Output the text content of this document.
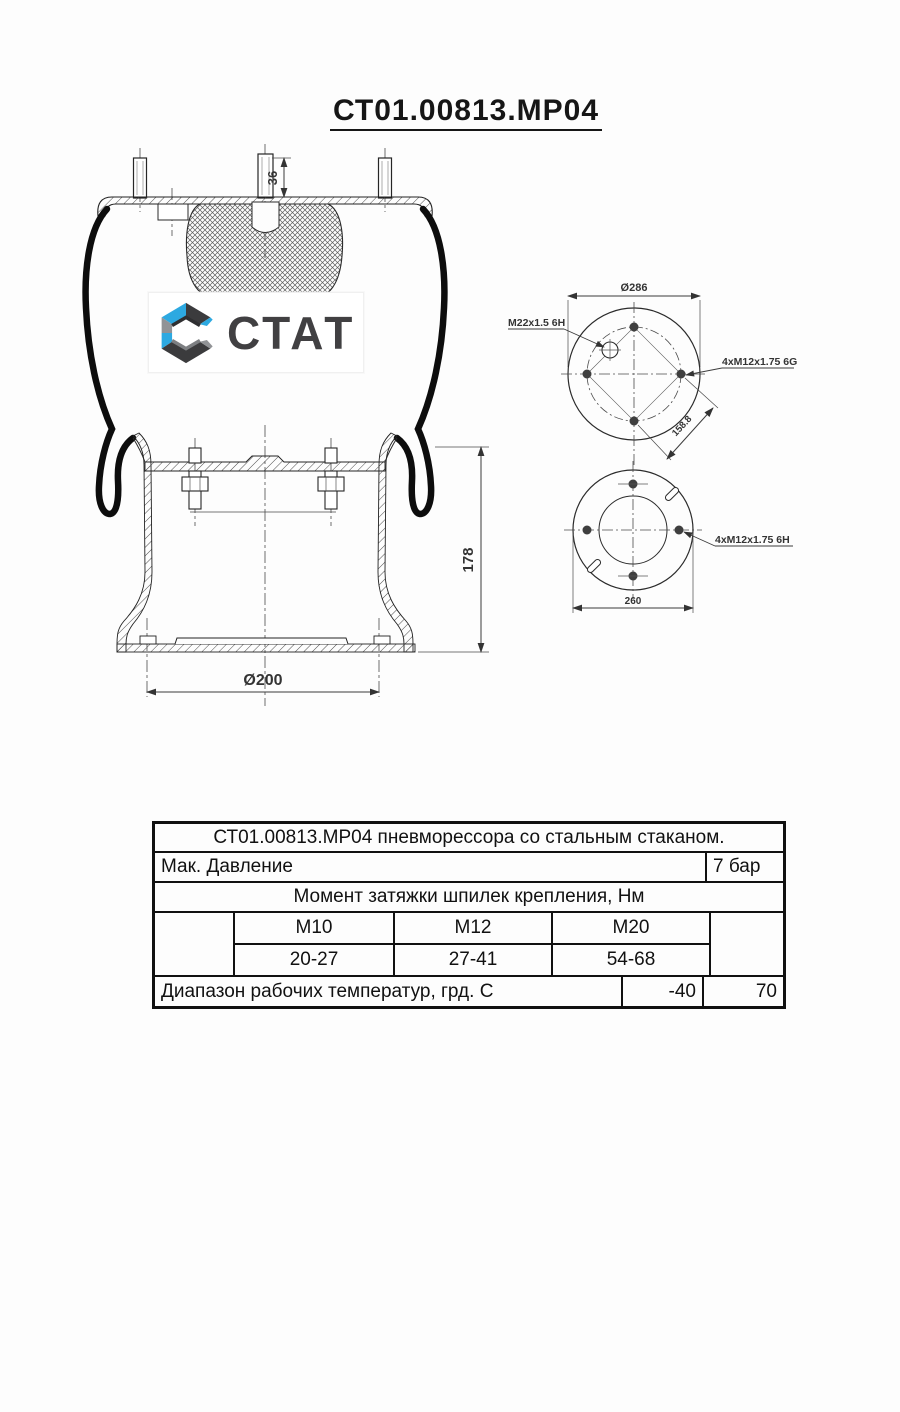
СТ01.00813.МР04
36
178
Ø200
СТАТ
Ø286
M22x1.5 6H
4xM12x1.75 6G
158.8
4xM12x1.75 6H
260
СТ01.00813.МР04 пневморессора со стальным стаканом.
Мак. Давление	7 бар
Момент затяжки шпилек крепления, Нм
М10	М12	М20
20-27	27-41	54-68
Диапазон рабочих температур, грд. С	-40	70
